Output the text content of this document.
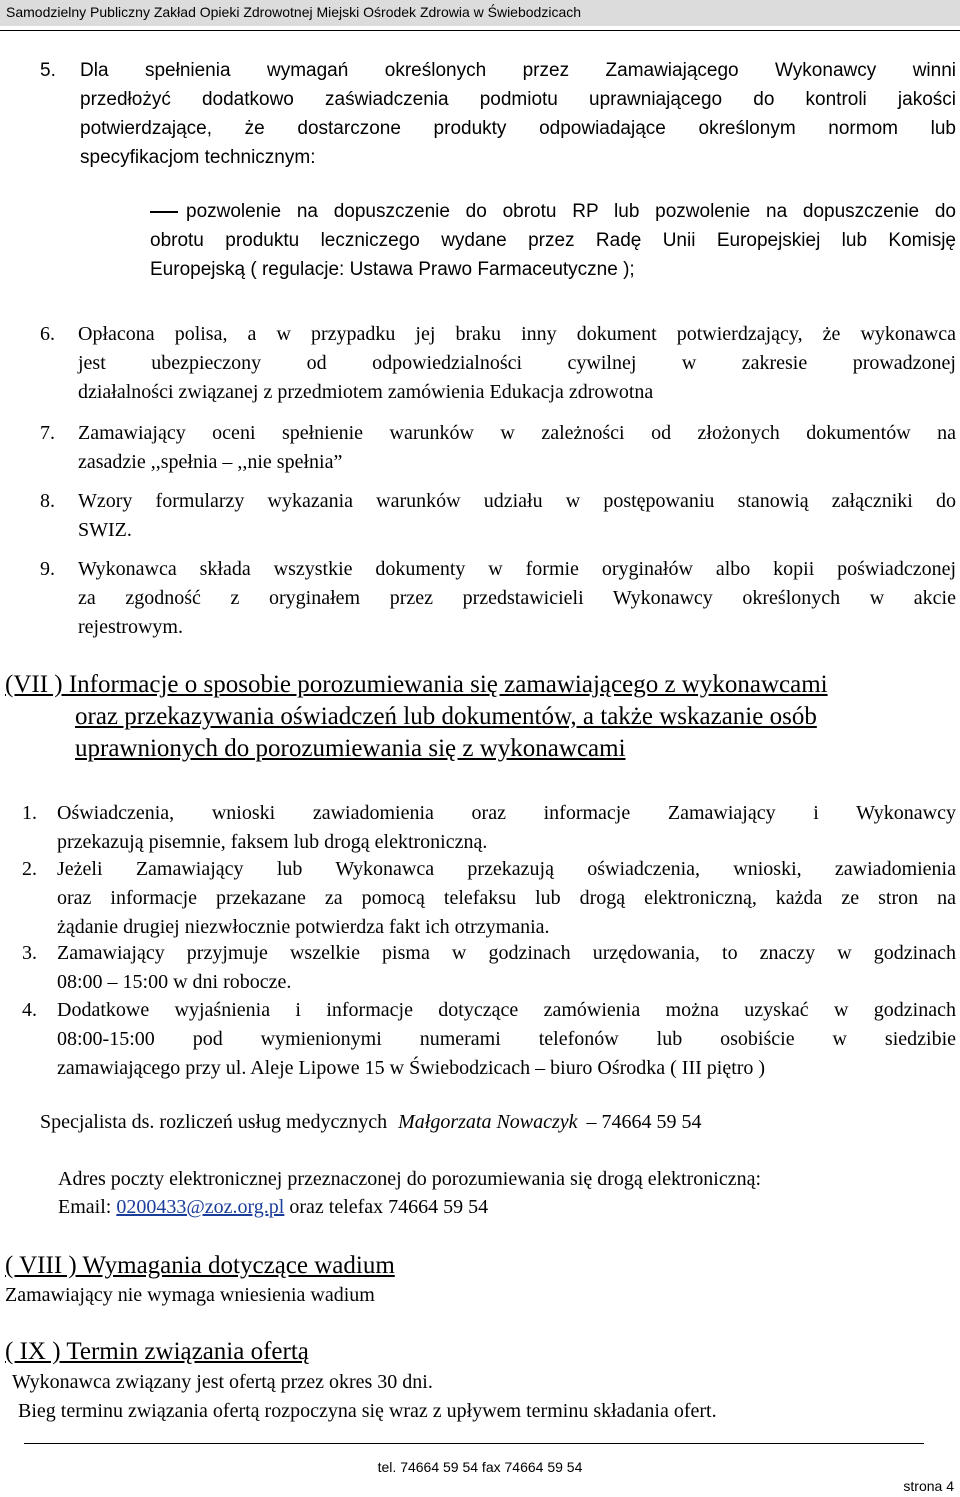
Samodzielny Publiczny Zakład Opieki Zdrowotnej Miejski Ośrodek Zdrowia w Świebodzicach
5. Dla spełnienia wymagań określonych przez Zamawiającego Wykonawcy winni
przedłożyć dodatkowo zaświadczenia podmiotu uprawniającego do kontroli jakości
potwierdzające, że dostarczone produkty odpowiadające określonym normom lub
specyfikacjom technicznym:
pozwolenie na dopuszczenie do obrotu RP lub pozwolenie na dopuszczenie do
obrotu produktu leczniczego wydane przez Radę Unii Europejskiej lub Komisję
Europejską ( regulacje: Ustawa Prawo Farmaceutyczne );
6. Opłacona polisa, a w przypadku jej braku inny dokument potwierdzający, że wykonawca
jest ubezpieczony od odpowiedzialności cywilnej w zakresie prowadzonej
działalności związanej z przedmiotem zamówienia Edukacja zdrowotna
7. Zamawiający oceni spełnienie warunków w zależności od złożonych dokumentów na
zasadzie ,,spełnia – ,,nie spełnia”
8. Wzory formularzy wykazania warunków udziału w postępowaniu stanowią załączniki do
SWIZ.
9. Wykonawca składa wszystkie dokumenty w formie oryginałów albo kopii poświadczonej
za zgodność z oryginałem przez przedstawicieli Wykonawcy określonych w akcie
rejestrowym.
(VII ) Informacje o sposobie porozumiewania się zamawiającego z wykonawcami
oraz przekazywania oświadczeń lub dokumentów, a także wskazanie osób
uprawnionych do porozumiewania się z wykonawcami
1. Oświadczenia, wnioski zawiadomienia oraz informacje Zamawiający i Wykonawcy
przekazują pisemnie, faksem lub drogą elektroniczną.
2. Jeżeli Zamawiający lub Wykonawca przekazują oświadczenia, wnioski, zawiadomienia
oraz informacje przekazane za pomocą telefaksu lub drogą elektroniczną, każda ze stron na
żądanie drugiej niezwłocznie potwierdza fakt ich otrzymania.
3. Zamawiający przyjmuje wszelkie pisma w godzinach urzędowania, to znaczy w godzinach
08:00 – 15:00 w dni robocze.
4. Dodatkowe wyjaśnienia i informacje dotyczące zamówienia można uzyskać w godzinach
08:00-15:00 pod wymienionymi numerami telefonów lub osobiście w siedzibie
zamawiającego przy ul. Aleje Lipowe 15 w Świebodzicach – biuro Ośrodka ( III piętro )
Specjalista ds. rozliczeń usług medycznych Małgorzata Nowaczyk – 74664 59 54
Adres poczty elektronicznej przeznaczonej do porozumiewania się drogą elektroniczną:
Email: 0200433@zoz.org.pl oraz telefax 74664 59 54
( VIII ) Wymagania dotyczące wadium
Zamawiający nie wymaga wniesienia wadium
( IX ) Termin związania ofertą
Wykonawca związany jest ofertą przez okres 30 dni.
Bieg terminu związania ofertą rozpoczyna się wraz z upływem terminu składania ofert.
tel. 74664 59 54 fax 74664 59 54
strona 4
